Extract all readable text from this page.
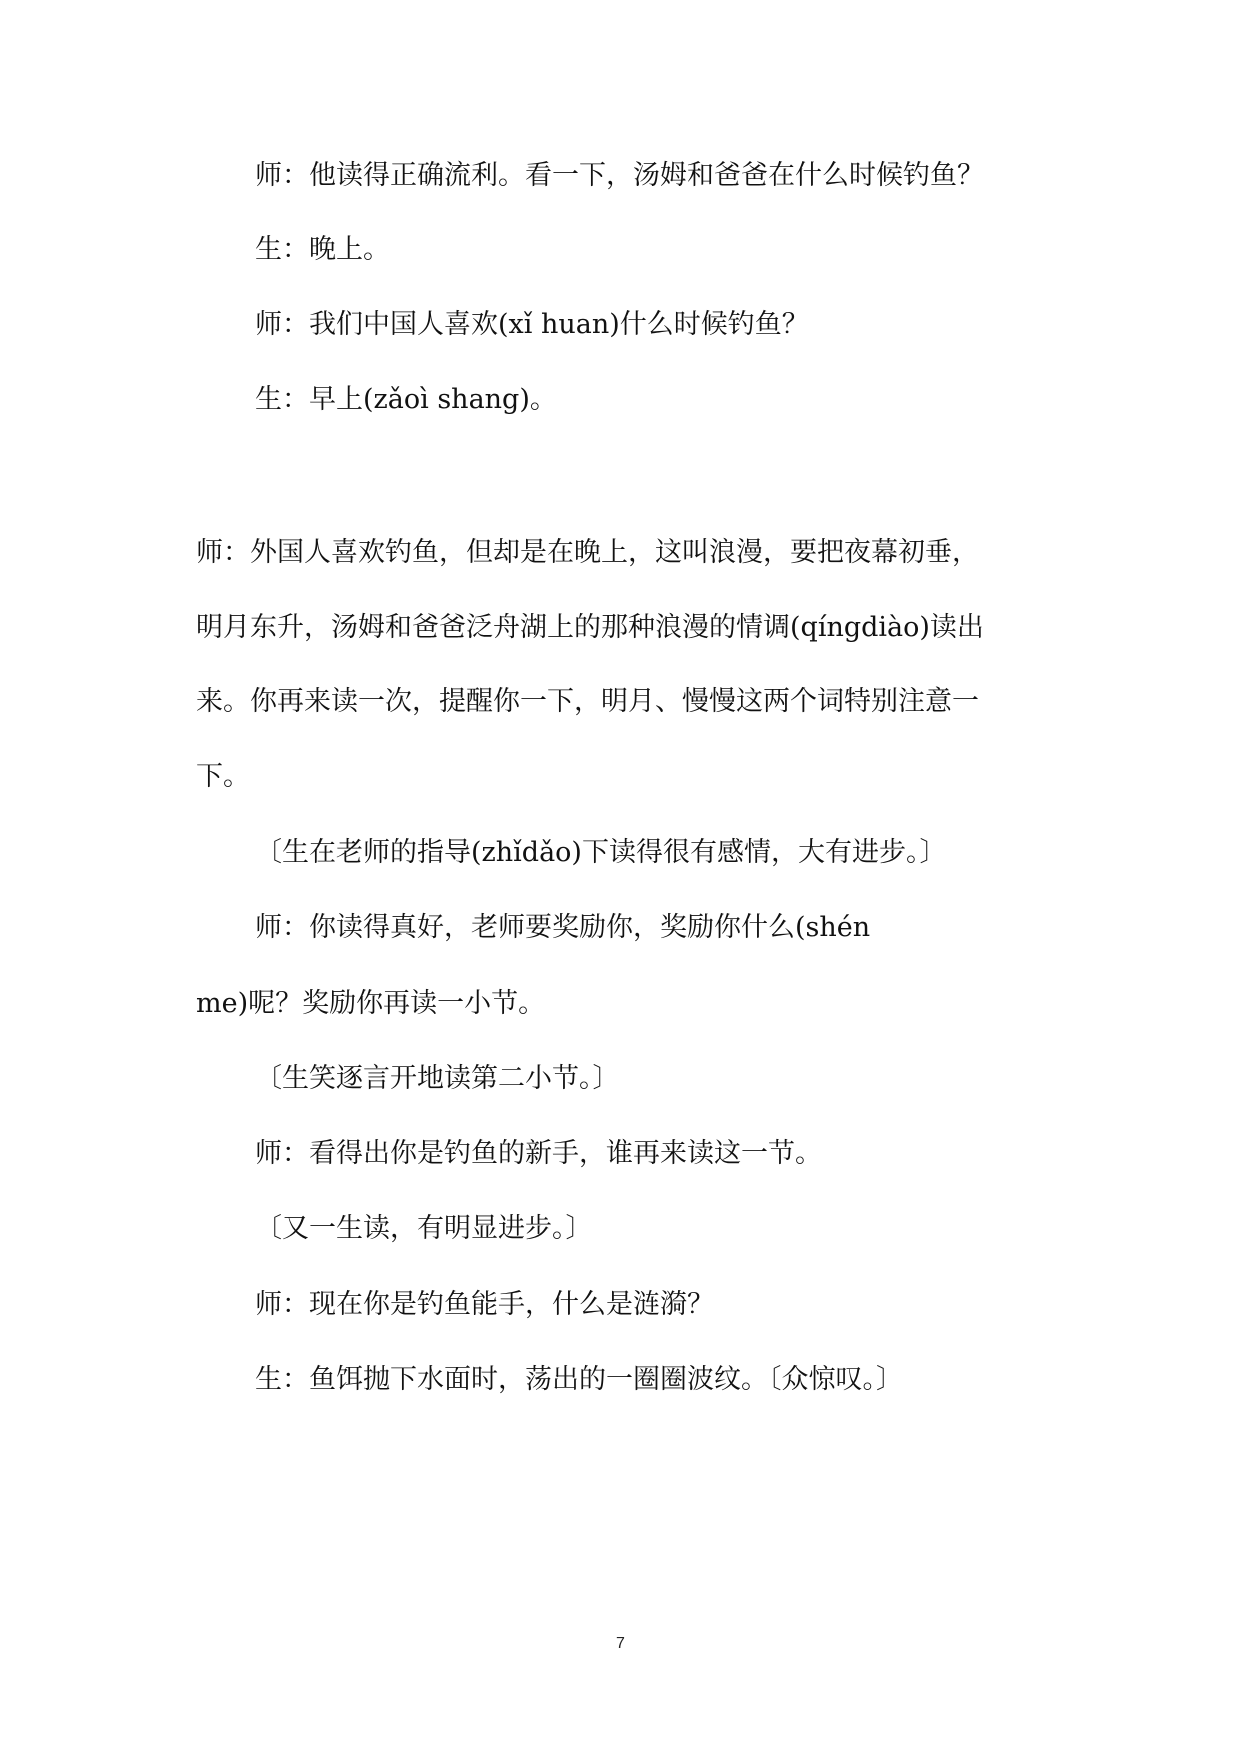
师：他读得正确流利。看一下，汤姆和爸爸在什么时候钓鱼？

生：晚上。

师：我们中国人喜欢(xǐ huan)什么时候钓鱼？

生：早上(zǎoì shang)。

师：外国人喜欢钓鱼，但却是在晚上，这叫浪漫，要把夜幕初垂，

明月东升，汤姆和爸爸泛舟湖上的那种浪漫的情调(qíngdiào)读出

来。你再来读一次，提醒你一下，明月、慢慢这两个词特别注意一

下。

〔生在老师的指导(zhǐdǎo)下读得很有感情，大有进步。〕

师：你读得真好，老师要奖励你，奖励你什么(shén

me)呢？奖励你再读一小节。

〔生笑逐言开地读第二小节。〕

师：看得出你是钓鱼的新手，谁再来读这一节。

〔又一生读，有明显进步。〕

师：现在你是钓鱼能手，什么是涟漪？

生：鱼饵抛下水面时，荡出的一圈圈波纹。〔众惊叹。〕

7
